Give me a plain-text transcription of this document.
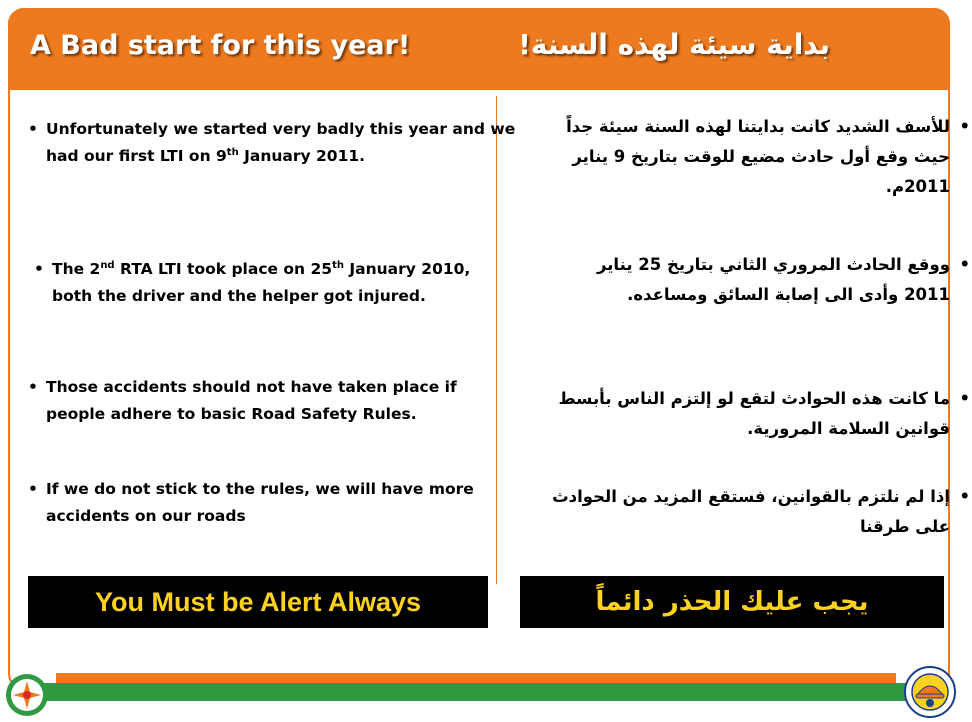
A Bad start for this year!	بداية سيئة لهذه السنة!
• Unfortunately we started very badly this year and we had our first LTI on 9th January 2011.
• The 2nd RTA LTI took place on 25th January 2010, both the driver and the helper got injured.
• Those accidents should not have taken place if people adhere to basic Road Safety Rules.
• If we do not stick to the rules, we will have more accidents on our roads
•للأسف الشديد كانت بدايتنا لهذه السنة سيئة جداً حيث وقع أول حادث مضيع للوقت بتاريخ 9 يناير 2011م.
•ووقع الحادث المروري الثاني بتاريخ 25 يناير 2011 وأدى الى إصابة السائق ومساعده.
•ما كانت هذه الحوادث لتقع لو إلتزم الناس بأبسط قوانين السلامة المرورية.
•إذا لم نلتزم بالقوانين، فستقع المزيد من الحوادث على طرقنا
You Must be Alert Always	يجب عليك الحذر دائماً
